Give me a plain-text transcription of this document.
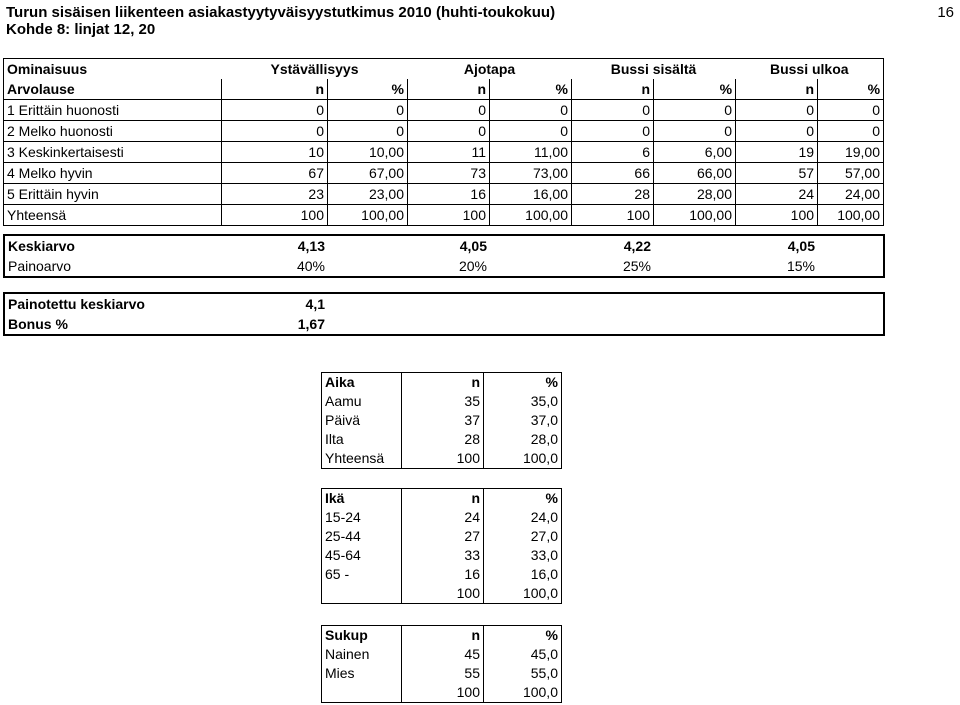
Turun sisäisen liikenteen asiakastyytyväisyystutkimus 2010 (huhti-toukokuu)
Kohde 8: linjat 12, 20
16
Ominaisuus	Ystävällisyys		Ajotapa		Bussi sisältä		Bussi ulkoa	
Arvolause	n	%	n	%	n	%	n	%
1 Erittäin huonosti	0	0	0	0	0	0	0	0
2 Melko huonosti	0	0	0	0	0	0	0	0
3 Keskinkertaisesti	10	10,00	11	11,00	6	6,00	19	19,00
4 Melko hyvin	67	67,00	73	73,00	66	66,00	57	57,00
5 Erittäin hyvin	23	23,00	16	16,00	28	28,00	24	24,00
Yhteensä	100	100,00	100	100,00	100	100,00	100	100,00
Keskiarvo	4,13		4,05		4,22		4,05	
Painoarvo	40%		20%		25%		15%	
Painotettu keskiarvo	4,1	
Bonus %	1,67	
Aika	n	%
Aamu	35	35,0
Päivä	37	37,0
Ilta	28	28,0
Yhteensä	100	100,0
Ikä	n	%
15-24	24	24,0
25-44	27	27,0
45-64	33	33,0
65 -	16	16,0
	100	100,0
Sukup	n	%
Nainen	45	45,0
Mies	55	55,0
	100	100,0
